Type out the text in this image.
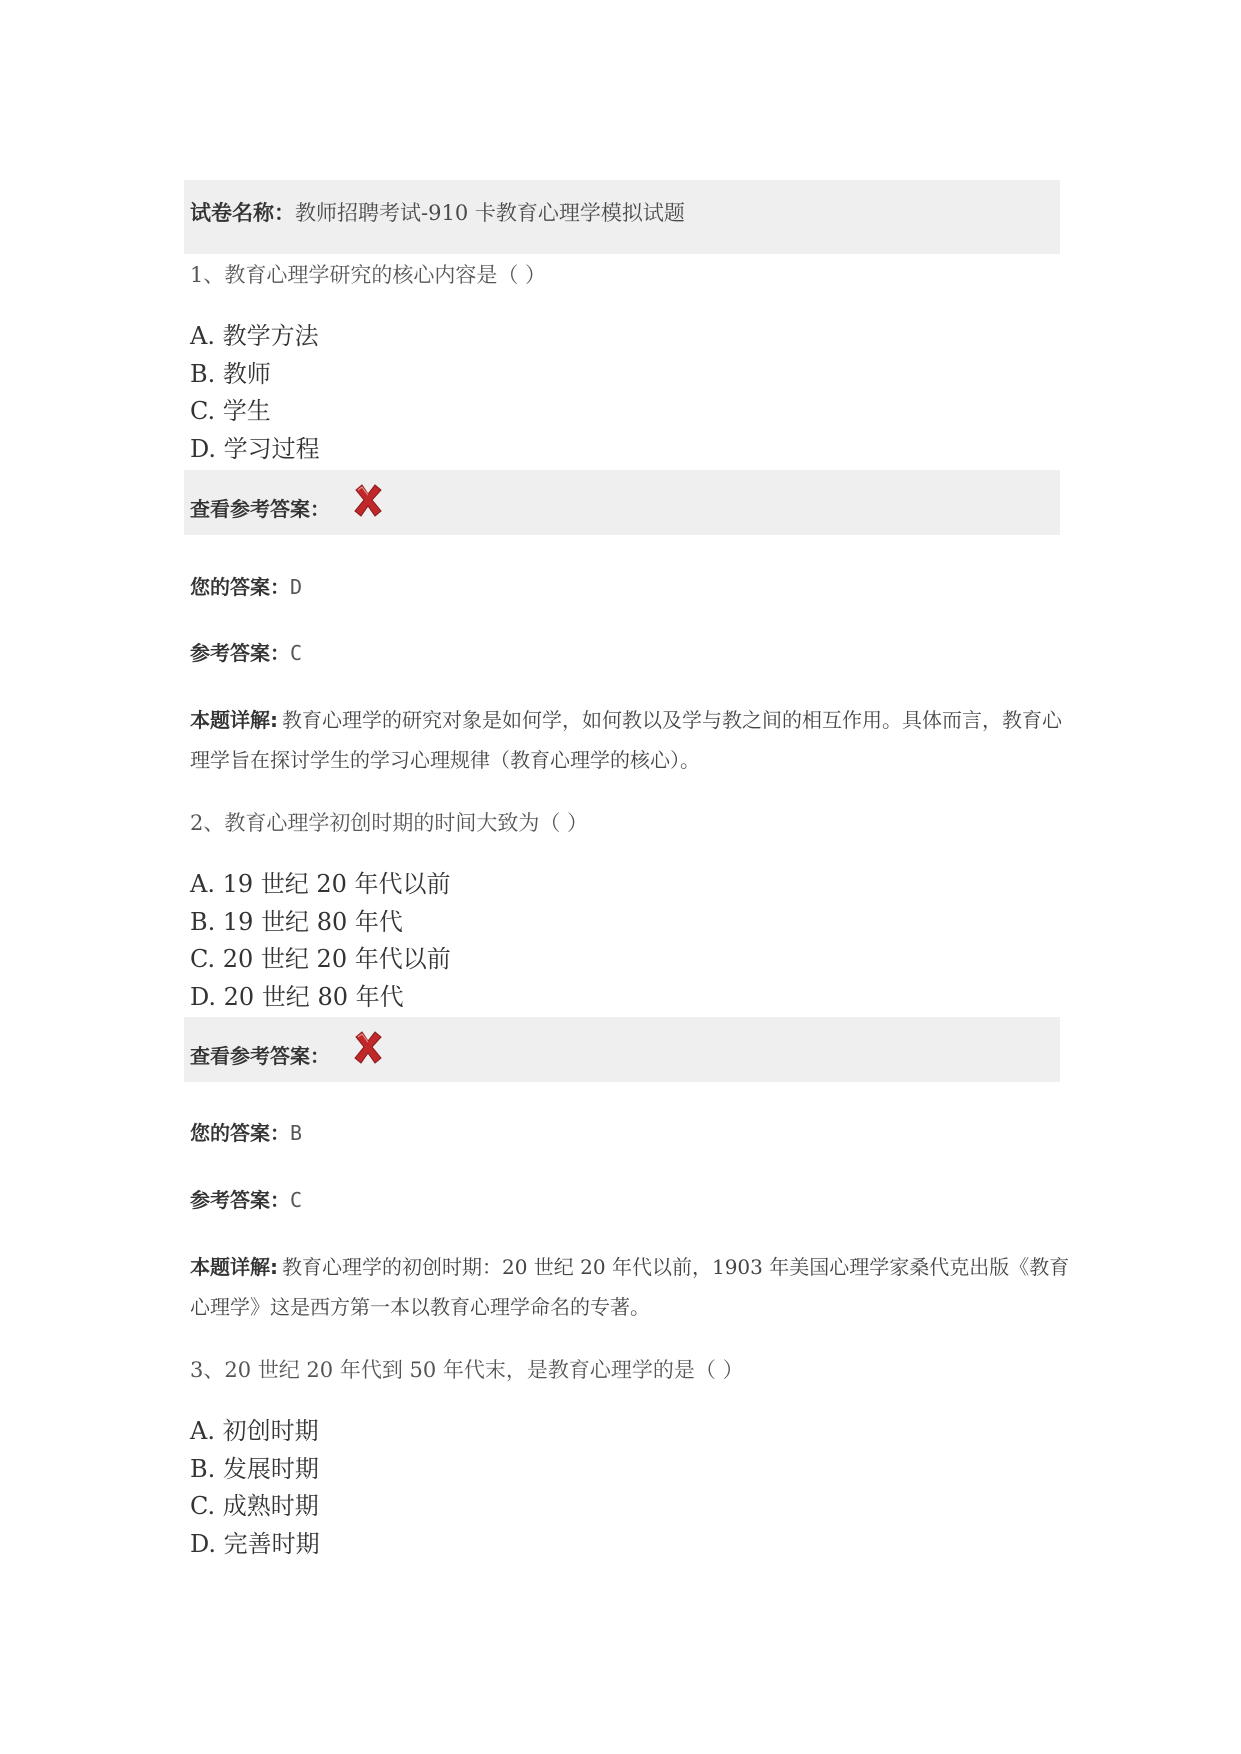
试卷名称：教师招聘考试-910 卡教育心理学模拟试题
1、教育心理学研究的核心内容是（ ）
A. 教学方法
B. 教师
C. 学生
D. 学习过程
查看参考答案：
您的答案：D
参考答案：C
本题详解: 教育心理学的研究对象是如何学，如何教以及学与教之间的相互作用。具体而言，教育心理学旨在探讨学生的学习心理规律（教育心理学的核心）。
2、教育心理学初创时期的时间大致为（ ）
A. 19 世纪 20 年代以前
B. 19 世纪 80 年代
C. 20 世纪 20 年代以前
D. 20 世纪 80 年代
查看参考答案：
您的答案：B
参考答案：C
本题详解: 教育心理学的初创时期：20 世纪 20 年代以前，1903 年美国心理学家桑代克出版《教育心理学》这是西方第一本以教育心理学命名的专著。
3、20 世纪 20 年代到 50 年代末，是教育心理学的是（ ）
A. 初创时期
B. 发展时期
C. 成熟时期
D. 完善时期
